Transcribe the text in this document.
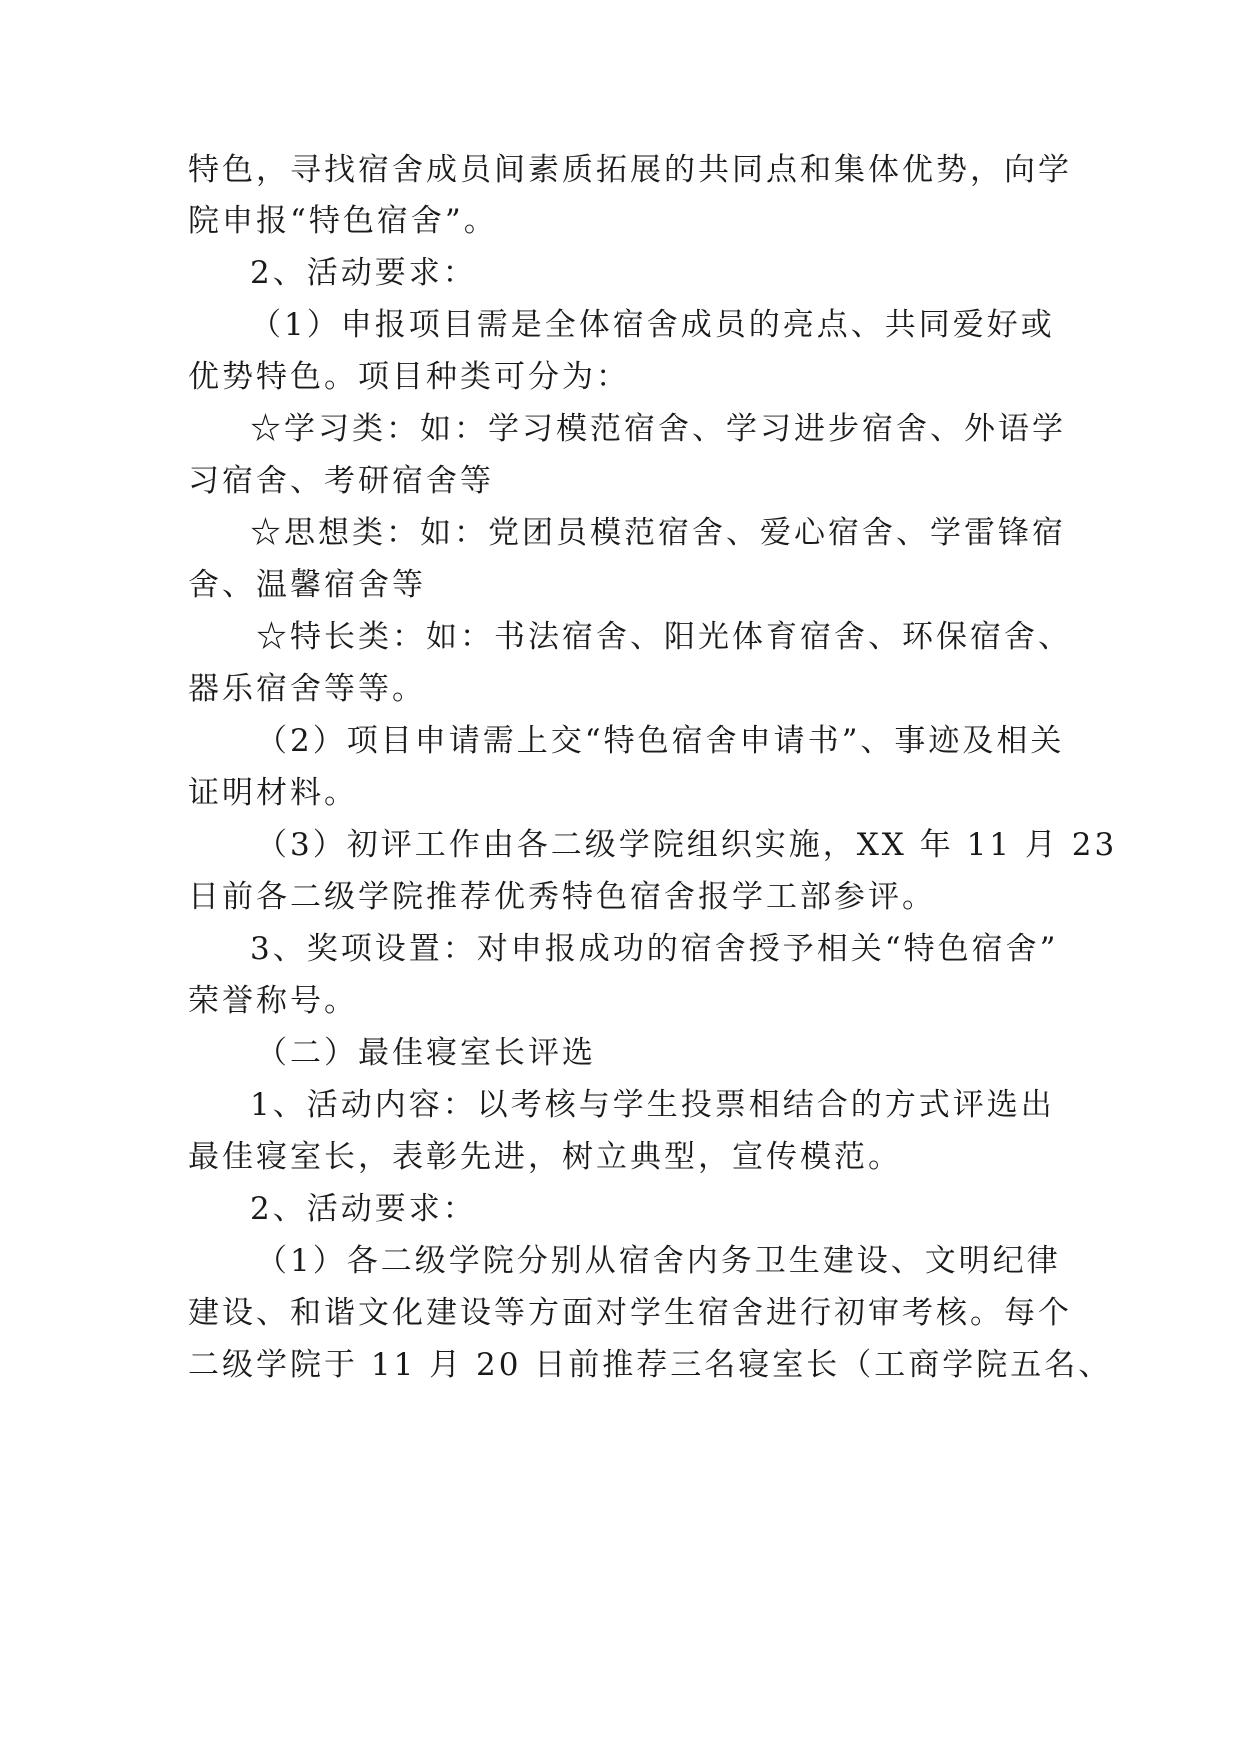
特色，寻找宿舍成员间素质拓展的共同点和集体优势，向学
院申报“特色宿舍”。
2、活动要求：
（1）申报项目需是全体宿舍成员的亮点、共同爱好或
优势特色。项目种类可分为：
☆学习类：如：学习模范宿舍、学习进步宿舍、外语学
习宿舍、考研宿舍等
☆思想类：如：党团员模范宿舍、爱心宿舍、学雷锋宿
舍、温馨宿舍等
☆特长类：如：书法宿舍、阳光体育宿舍、环保宿舍、
器乐宿舍等等。
（2）项目申请需上交“特色宿舍申请书”、事迹及相关
证明材料。
（3）初评工作由各二级学院组织实施，XX 年 11 月 23
日前各二级学院推荐优秀特色宿舍报学工部参评。
3、奖项设置：对申报成功的宿舍授予相关“特色宿舍”
荣誉称号。
（二）最佳寝室长评选
1、活动内容：以考核与学生投票相结合的方式评选出
最佳寝室长，表彰先进，树立典型，宣传模范。
2、活动要求：
（1）各二级学院分别从宿舍内务卫生建设、文明纪律
建设、和谐文化建设等方面对学生宿舍进行初审考核。每个
二级学院于 11 月 20 日前推荐三名寝室长（工商学院五名、
